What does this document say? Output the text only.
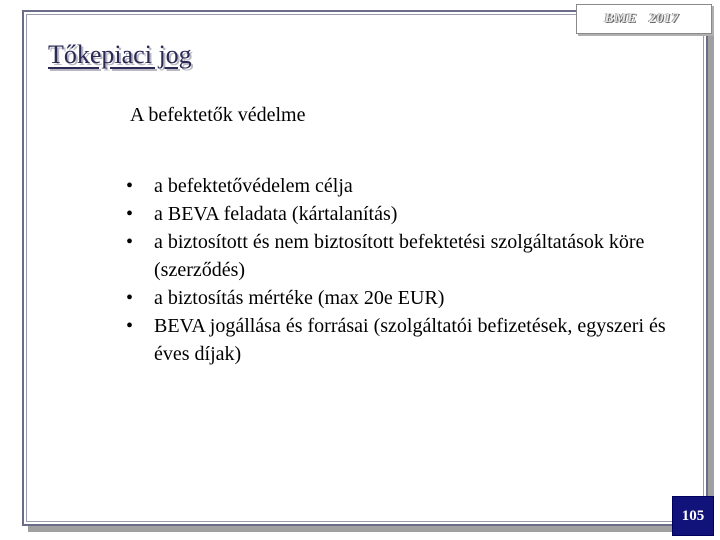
BME   2017
Tőkepiaci jog
A befektetők védelme
• a befektetővédelem célja
• a BEVA feladata (kártalanítás)
• a biztosított és nem biztosított befektetési szolgáltatások köre (szerződés)
• a biztosítás mértéke (max 20e EUR)
• BEVA jogállása és forrásai (szolgáltatói befizetések, egyszeri és éves díjak)
105
